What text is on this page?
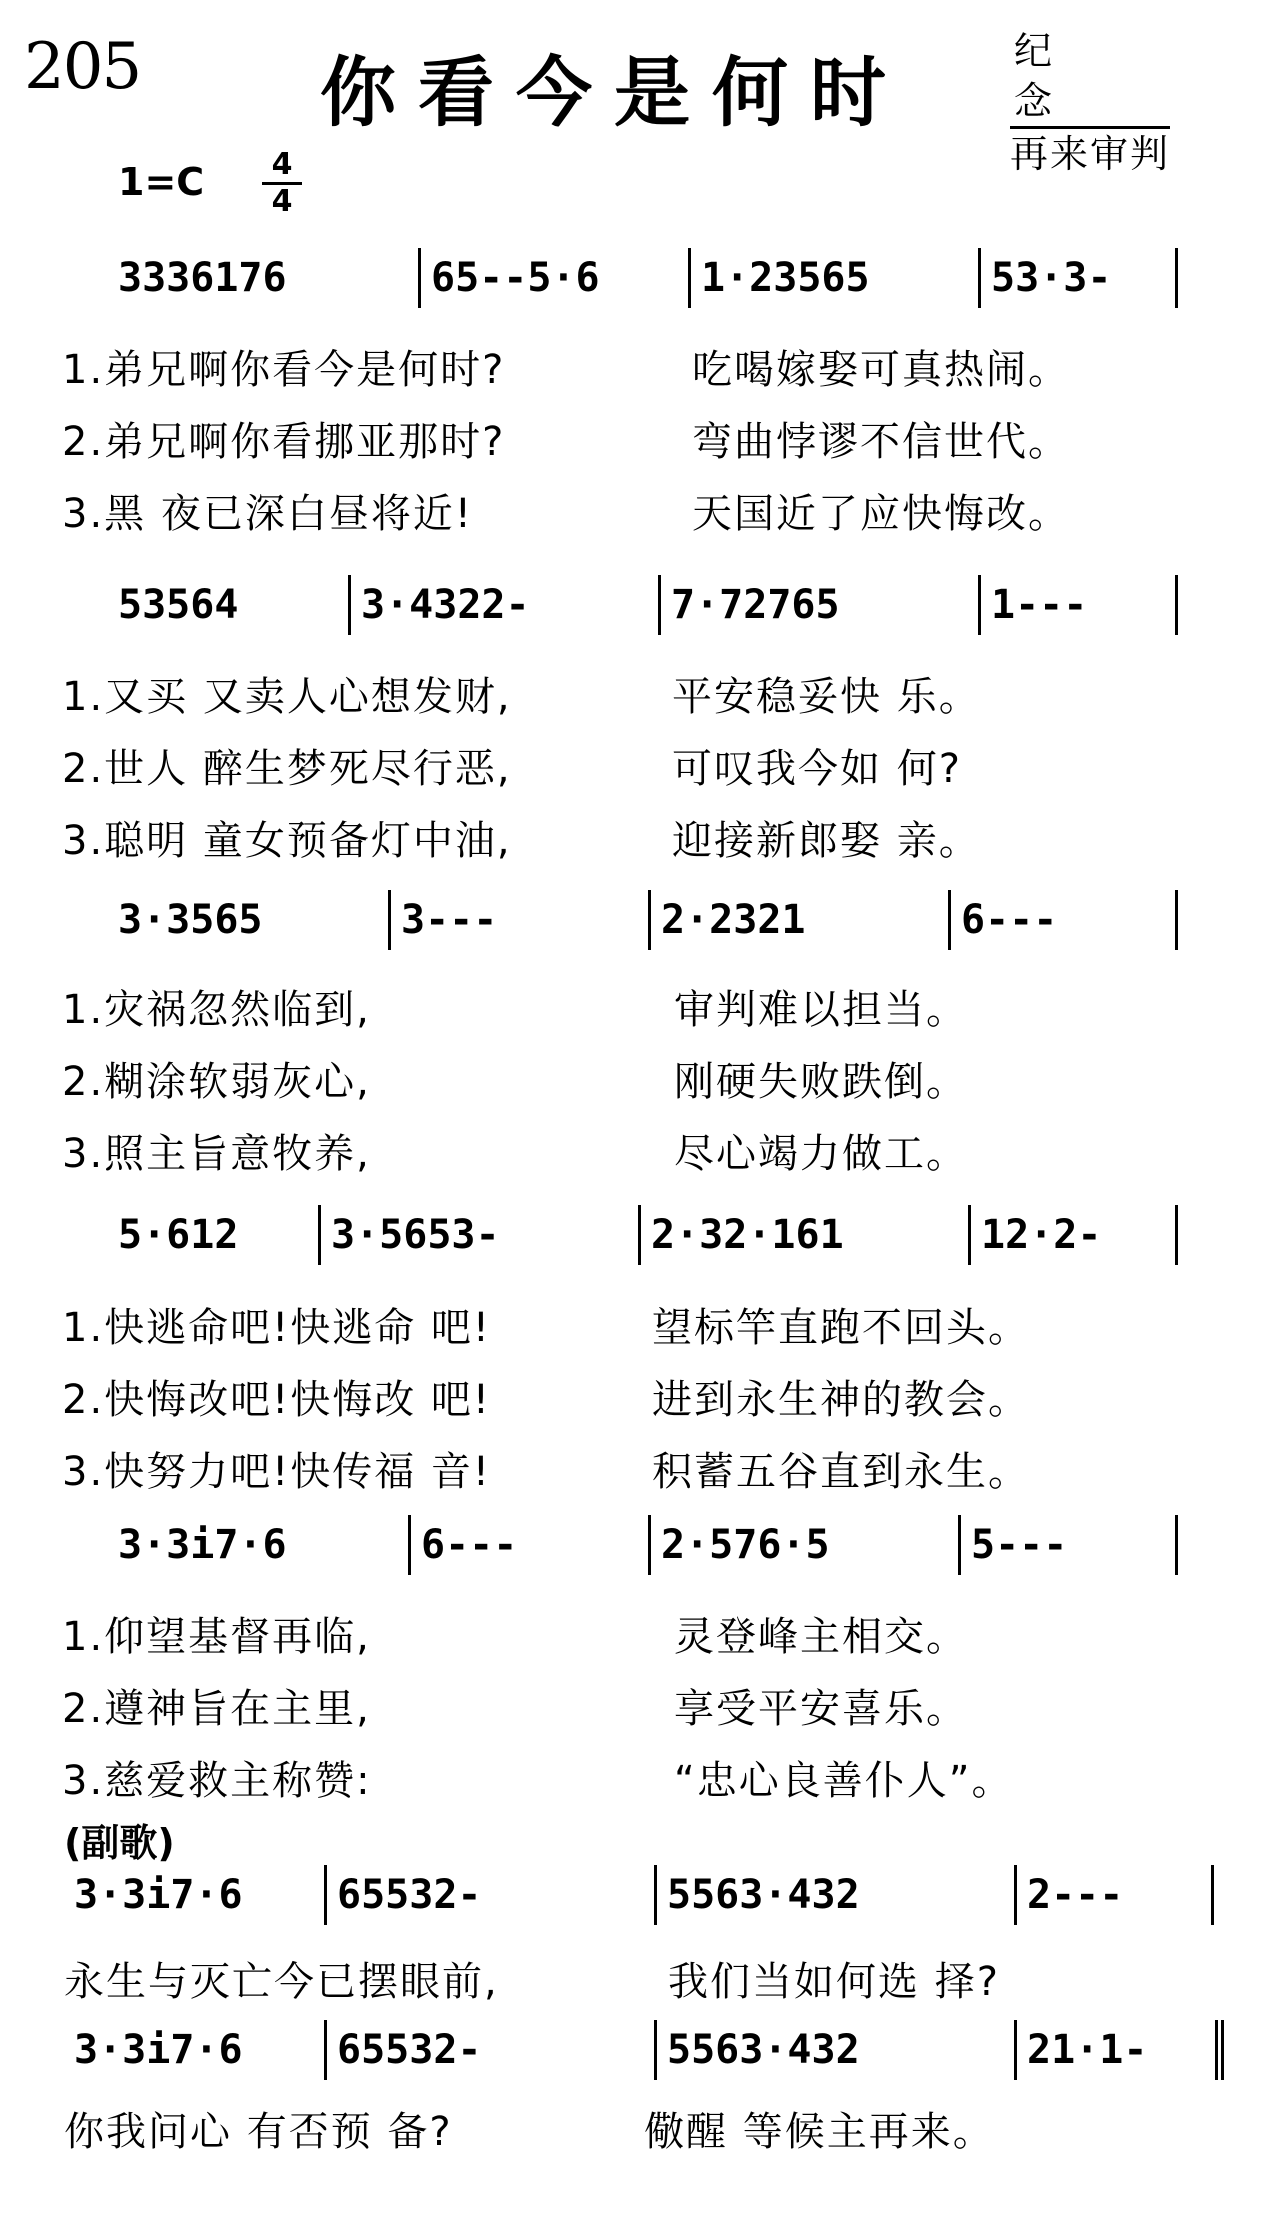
205 你看今是何时	纪念
再来审判
$1=C \frac{4}{4}$
3336176	65--5·6	1·23565	53·3-

1.弟兄啊你看今是何时?

	吃喝嫁娶可真热闹。

2.弟兄啊你看挪亚那时?

	弯曲悖谬不信世代。

3.黑 夜已深白昼将近!

	天国近了应快悔改。

53564	3·4322-	7·72765	1---

1.又买 又卖人心想发财,

	平安稳妥快 乐。

2.世人 醉生梦死尽行恶,

	可叹我今如 何?

3.聪明 童女预备灯中油,

	迎接新郎娶 亲。

3·3565	3---	2·2321	6---

1.灾祸忽然临到,

	审判难以担当。

2.糊涂软弱灰心,

	刚硬失败跌倒。

3.照主旨意牧养,

	尽心竭力做工。

5·612	3·5653-	2·32·161	12·2-

1.快逃命吧!快逃命 吧!

	望标竿直跑不回头。

2.快悔改吧!快悔改 吧!

	进到永生神的教会。

3.快努力吧!快传福 音!

	积蓄五谷直到永生。

3·3i7·6	6---	2·576·5	5---

1.仰望基督再临,

	灵登峰主相交。

2.遵神旨在主里,

	享受平安喜乐。

3.慈爱救主称赞:

	“忠心良善仆人”。

(副歌)
3·3i7·6	65532-	5563·432	2---

永生与灭亡今已摆眼前,

	我们当如何选 择?

3·3i7·6	65532-	5563·432	21·1-

你我问心 有否预 备?

	儆醒 等候主再来。
